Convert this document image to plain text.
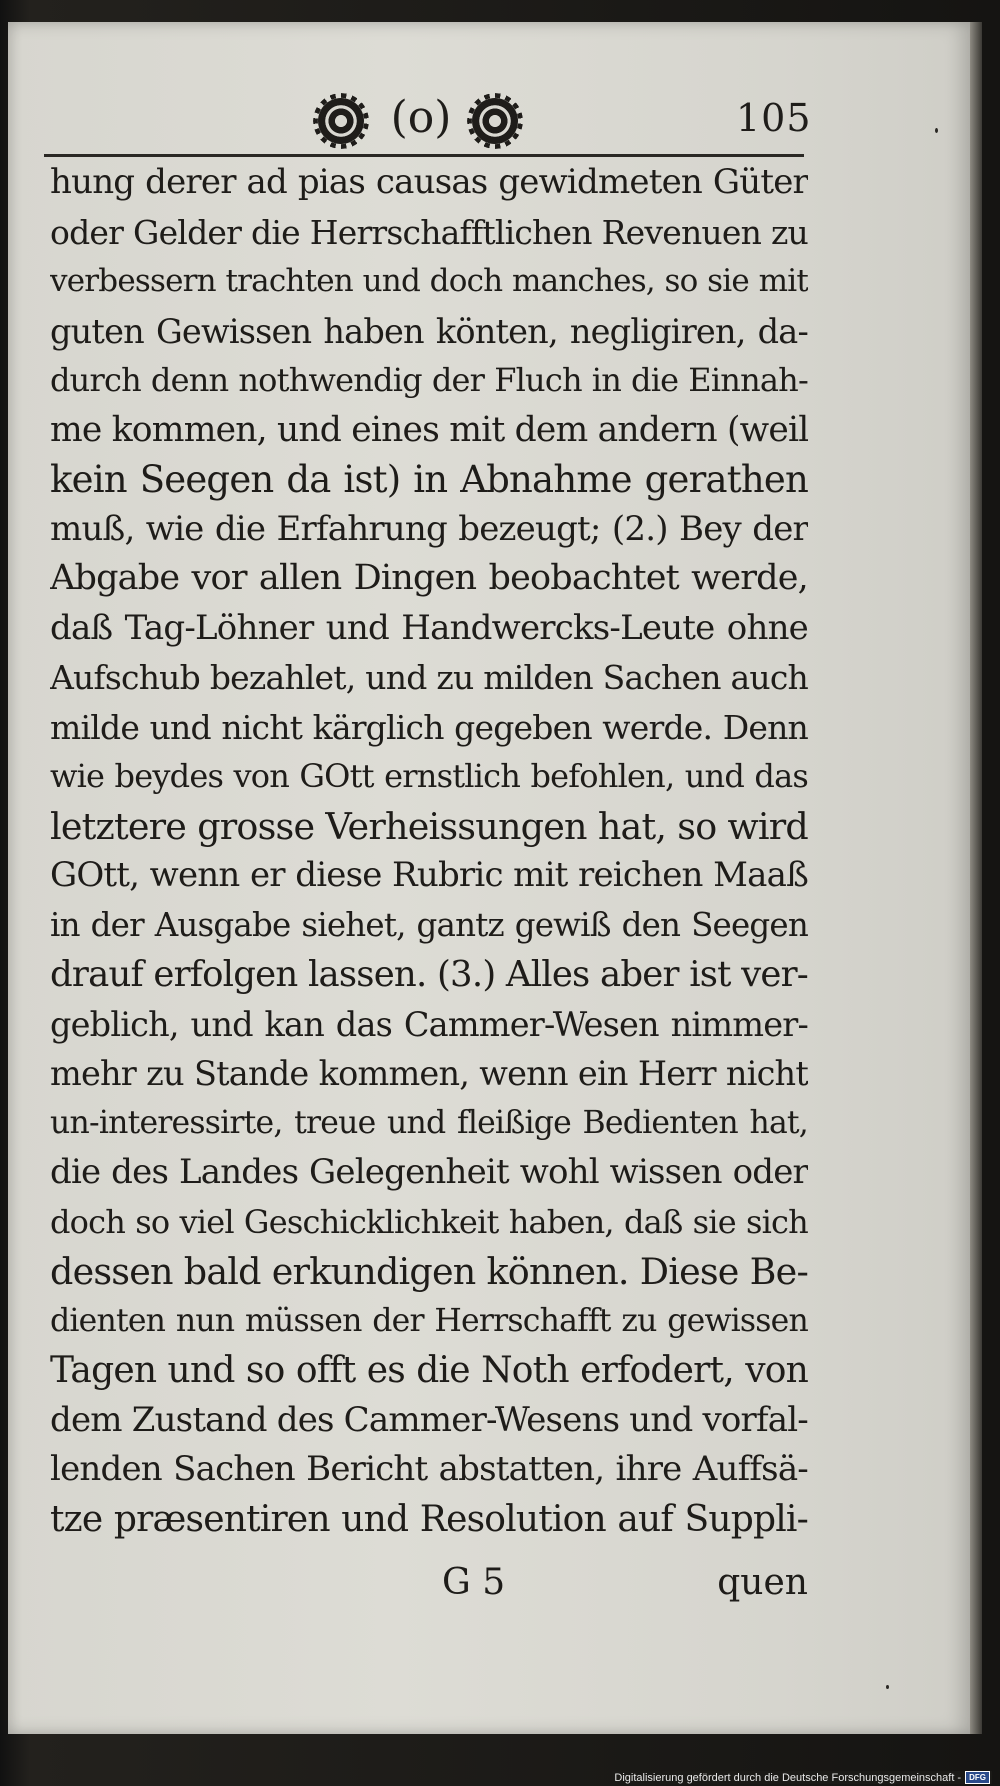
(o)	105
hung derer ad pias causas gewidmeten Güter
oder Gelder die Herrschafftlichen Revenuen zu
verbessern trachten und doch manches, so sie mit
guten Gewissen haben könten, negligiren, da-
durch denn nothwendig der Fluch in die Einnah-
me kommen, und eines mit dem andern (weil
kein Seegen da ist) in Abnahme gerathen
muß, wie die Erfahrung bezeugt; (2.) Bey der
Abgabe vor allen Dingen beobachtet werde,
daß Tag-Löhner und Handwercks-Leute ohne
Aufschub bezahlet, und zu milden Sachen auch
milde und nicht kärglich gegeben werde. Denn
wie beydes von GOtt ernstlich befohlen, und das
letztere grosse Verheissungen hat, so wird
GOtt, wenn er diese Rubric mit reichen Maaß
in der Ausgabe siehet, gantz gewiß den Seegen
drauf erfolgen lassen. (3.) Alles aber ist ver-
geblich, und kan das Cammer-Wesen nimmer-
mehr zu Stande kommen, wenn ein Herr nicht
un-interessirte, treue und fleißige Bedienten hat,
die des Landes Gelegenheit wohl wissen oder
doch so viel Geschicklichkeit haben, daß sie sich
dessen bald erkundigen können. Diese Be-
dienten nun müssen der Herrschafft zu gewissen
Tagen und so offt es die Noth erfodert, von
dem Zustand des Cammer-Wesens und vorfal-
lenden Sachen Bericht abstatten, ihre Auffsä-
tze præsentiren und Resolution auf Suppli-
G 5	quen
Digitalisierung gefördert durch die Deutsche Forschungsgemeinschaft -	DFG
